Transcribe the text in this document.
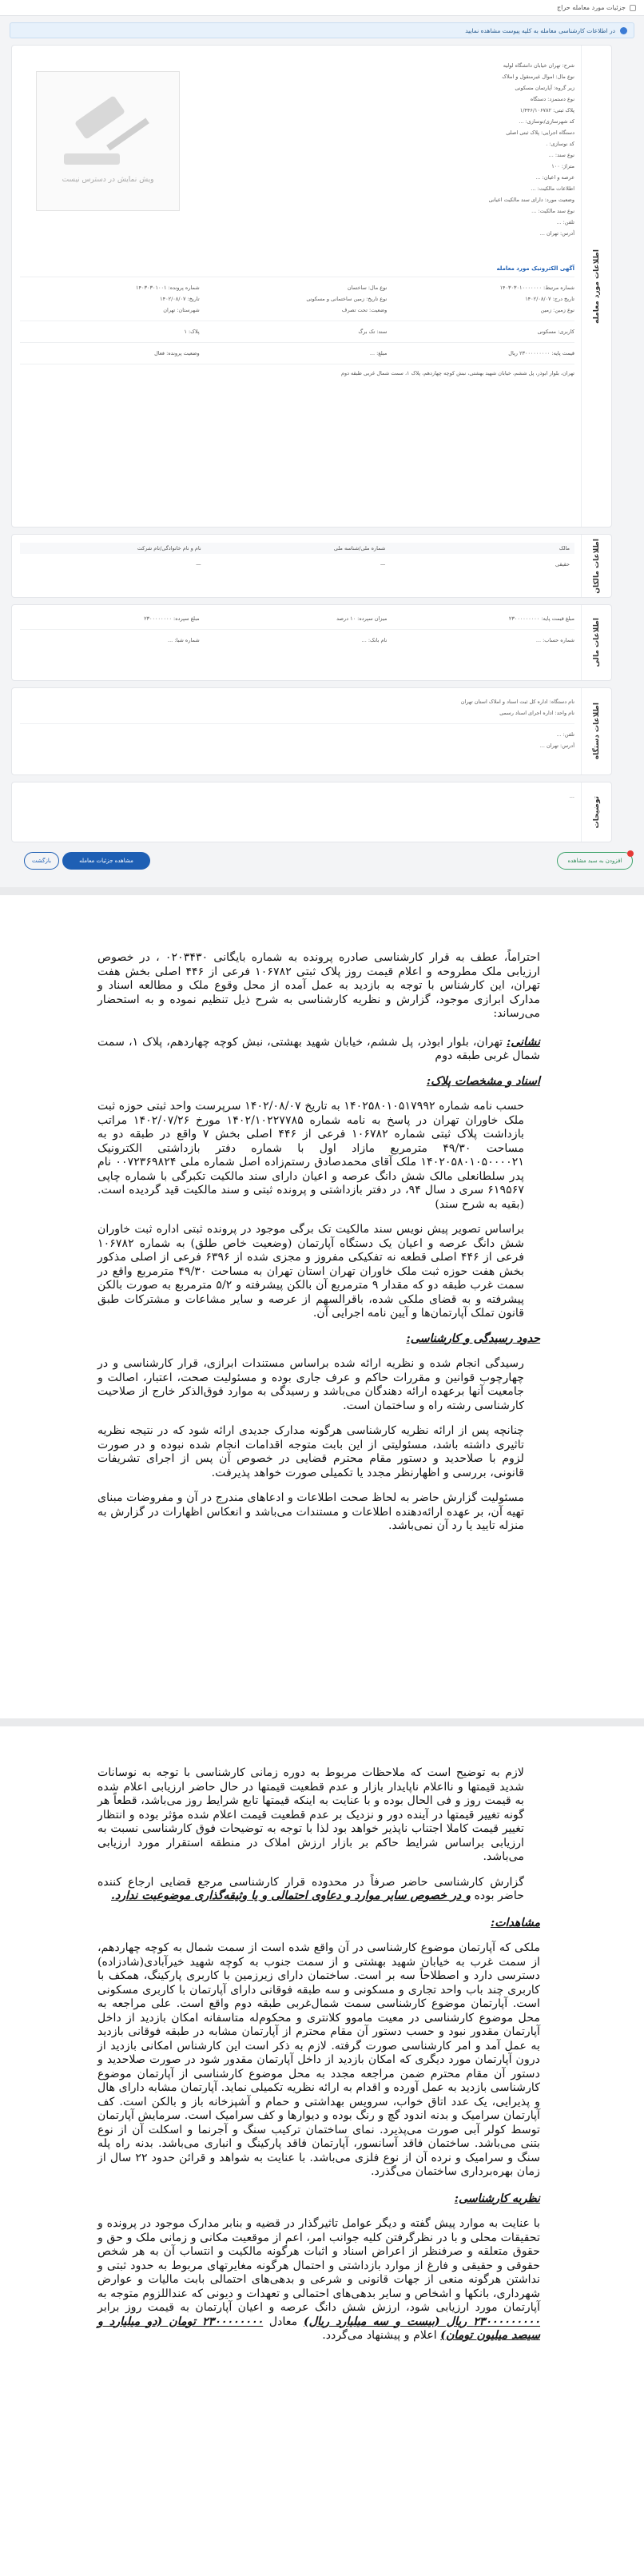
جزئیات مورد معامله حراج
در اطلاعات کارشناسی معامله به کلیه پیوست مشاهده نمایید
اطلاعات مورد معامله
شرح: تهران خیابان دانشگاه لولیه
نوع مال: اموال غیرمنقول و املاک
زیر گروه: آپارتمان مسکونی
نوع دستمزد: دستگاه
پلاک ثبتی: ۱/۴۴۶/۱۰۶۷۸۲
کد شهرسازی/نوسازی: ...
دستگاه اجرایی: پلاک ثبتی اصلی
کد نوسازی: .
نوع سند: ...
متراژ: ۱۰۰
عرصه و اعیان: ...
اطلاعات مالکیت: ...
وضعیت مورد: دارای سند مالکیت اعیانی
نوع سند مالکیت: ...
تلفن: ...
آدرس: تهران ...
ویش نمایش در دسترس نیست
آگهی الکترونیک مورد معامله
شماره مرتبط: ۱۴۰۳۰۳۰۱۰۰۰۰۰۰۰
نوع مال: ساختمان
شماره پرونده: ۱۴۰۳۰۳۰۱۰۰۱
تاریخ درج: ۱۴۰۲/۰۸/۰۷
نوع تاریخ: زمین ساختمانی و مسکونی
تاریخ: ۱۴۰۲/۰۸/۰۷
نوع زمین: زمین
وضعیت: تحت تصرف
شهرستان: تهران
کاربری: مسکونی
سند: تک برگ
پلاک: ۱
قیمت پایه: ۲۳۰۰۰۰۰۰۰۰۰ ریال
مبلغ: ...
وضعیت پرونده: فعال
تهران، بلوار ابوذر، پل ششم، خیابان شهید بهشتی، نبش کوچه چهاردهم، پلاک ۱، سمت شمال غربی طبقه دوم
اطلاعات مالکان
مالک
شماره ملی/شناسه ملی
نام و نام خانوادگی/نام شرکت
حقیقی
—
—
اطلاعات مالی
مبلغ قیمت پایه: ۲۳۰۰۰۰۰۰۰۰۰
میزان سپرده: ۱۰ درصد
مبلغ سپرده: ۲۳۰۰۰۰۰۰۰۰
شماره حساب: ...
نام بانک: ...
شماره شبا: ...
اطلاعات دستگاه
نام دستگاه: اداره کل ثبت اسناد و املاک استان تهران
نام واحد: اداره اجرای اسناد رسمی
تلفن: ...
آدرس: تهران ...
توضیحات
...
افزودن به سبد مشاهده
مشاهده جزئیات معامله
بازگشت

احتراماً، عطف به قرار کارشناسی صادره پرونده به شماره بایگانی ۰۲۰۳۴۳۰ ، در خصوص ارزیابی ملک مطروحه و اعلام قیمت روز پلاک ثبتی ۱۰۶۷۸۲ فرعی از ۴۴۶ اصلی بخش هفت تهران، این کارشناس با توجه به بازدید به عمل آمده از محل وقوع ملک و مطالعه اسناد و مدارک ابرازی موجود، گزارش و نظریه کارشناسی به شرح ذیل تنظیم نموده و به استحضار می‌رساند:

نشانی: تهران، بلوار ابوذر، پل ششم، خیابان شهید بهشتی، نبش کوچه چهاردهم، پلاک ۱، سمت شمال غربی طبقه دوم

اسناد و مشخصات پلاک:

حسب نامه شماره ۱۴۰۲۵۸۰۱۰۵۱۷۹۹۲ به تاریخ ۱۴۰۲/۰۸/۰۷ سرپرست واحد ثبتی حوزه ثبت ملک خاوران تهران در پاسخ به نامه شماره ۱۴۰۲/۱۰۲۲۷۷۸۵ مورخ ۱۴۰۲/۰۷/۲۶ مراتب بازداشت پلاک ثبتی شماره ۱۰۶۷۸۲ فرعی از ۴۴۶ اصلی بخش ۷ واقع در طبقه دو به مساحت ۴۹/۳۰ مترمربع مازاد اول با شماره دفتر بازداشتی الکترونیک ۱۴۰۲۰۵۸۰۱۰۵۰۰۰۰۲۱ ملک آقای محمدصادق رستم‌زاده اصل شماره ملی ۰۰۷۲۳۶۹۸۲۴ نام پدر سلطانعلی مالک شش دانگ عرصه و اعیان دارای سند مالکیت تکبرگی با شماره چاپی ۶۱۹۵۶۷ سری د سال ۹۴، در دفتر بازداشتی و پرونده ثبتی و سند مالکیت قید گردیده است. (بقیه به شرح سند)

براساس تصویر پیش نویس سند مالکیت تک برگی موجود در پرونده ثبتی اداره ثبت خاوران شش دانگ عرصه و اعیان یک دستگاه آپارتمان (وضعیت خاص طلق) به شماره ۱۰۶۷۸۲ فرعی از ۴۴۶ اصلی قطعه نه تفکیکی مفروز و مجزی شده از ۶۳۹۶ فرعی از اصلی مذکور بخش هفت حوزه ثبت ملک خاوران تهران استان تهران به مساحت ۴۹/۳۰ مترمربع واقع در سمت غرب طبقه دو که مقدار ۹ مترمربع آن بالکن پیشرفته و ۵/۲ مترمربع به صورت بالکن پیشرفته و به قضای ملکی شده، باقرالسهم از عرصه و سایر مشاعات و مشترکات طبق قانون تملک آپارتمان‌ها و آیین نامه اجرایی آن.

حدود رسیدگی و کارشناسی:

رسیدگی انجام شده و نظریه ارائه شده براساس مستندات ابرازی، قرار کارشناسی و در چهارچوب قوانین و مقررات حاکم و عرف جاری بوده و مسئولیت صحت، اعتبار، اصالت و جامعیت آنها برعهده ارائه دهندگان می‌باشد و رسیدگی به موارد فوق‌الذکر خارج از صلاحیت کارشناسی رشته راه و ساختمان است.

چنانچه پس از ارائه نظریه کارشناسی هرگونه مدارک جدیدی ارائه شود که در نتیجه نظریه تاثیری داشته باشد، مسئولیتی از این بابت متوجه اقدامات انجام شده نبوده و در صورت لزوم با صلاحدید و دستور مقام محترم قضایی در خصوص آن پس از اجرای تشریفات قانونی، بررسی و اظهار‌نظر مجدد یا تکمیلی صورت خواهد پذیرفت.

مسئولیت گزارش حاضر به لحاظ صحت اطلاعات و ادعاهای مندرج در آن و مفروضات مبنای تهیه آن، بر عهده ارائه‌دهنده اطلاعات و مستندات می‌باشد و انعکاس اظهارات در گزارش به منزله تایید یا رد آن نمی‌باشد.

لازم به توضیح است که ملاحظات مربوط به دوره زمانی کارشناسی با توجه به نوسانات شدید قیمتها و نااعلام ناپایدار بازار و عدم قطعیت قیمتها در حال حاضر ارزیابی اعلام شده به قیمت روز و فی الحال بوده و با عنایت به اینکه قیمتها تابع شرایط روز می‌باشد، قطعاً هر گونه تغییر قیمتها در آینده دور و نزدیک بر عدم قطعیت قیمت اعلام شده مؤثر بوده و انتظار تغییر قیمت کاملا اجتناب ناپذیر خواهد بود لذا با توجه به توضیحات فوق کارشناسی نسبت به ارزیابی براساس شرایط حاکم بر بازار ارزش املاک در منطقه استقرار مورد ارزیابی می‌باشد.

گزارش کارشناسی حاضر صرفاً در محدوده قرار کارشناسی مرجع قضایی ارجاع کننده حاضر بوده و در خصوص سایر موارد و دعاوی احتمالی و یا وثیقه‌گذاری موضوعیت ندارد.

مشاهدات:

ملکی که آپارتمان موضوع کارشناسی در آن واقع شده است از سمت شمال به کوچه چهاردهم، از سمت غرب به خیابان شهید بهشتی و از سمت جنوب به کوچه شهید خیرآبادی(شادزاده) دسترسی دارد و اصطلاحاً سه بر است. ساختمان دارای زیرزمین با کاربری پارکینگ، همکف با کاربری چند باب واحد تجاری و مسکونی و سه طبقه فوقانی دارای آپارتمان با کاربری مسکونی است. آپارتمان موضوع کارشناسی سمت شمال‌غربی طبقه دوم واقع است. علی مراجعه به محل موضوع کارشناسی در معیت ماموو کلانتری و محکوم‌له متاسفانه امکان بازدید از داخل آپارتمان مقدور نبود و حسب دستور آن مقام محترم از آپارتمان مشابه در طبقه فوقانی بازدید به عمل آمد و امر کارشناسی صورت گرفته. لازم به ذکر است این کارشناس امکانی بازدید از درون آپارتمان مورد دیگری که امکان بازدید از داخل آپارتمان مقدور شود در صورت صلاحدید و دستور آن مقام محترم ضمن مراجعه مجدد به محل موضوع کارشناسی از آپارتمان موضوع کارشناسی بازدید به عمل آورده و اقدام به ارائه نظریه تکمیلی نماید. آپارتمان مشابه دارای هال و پذیرایی، یک عدد اتاق خواب، سرویس بهداشتی و حمام و آشپزخانه باز و بالکن است. کف آپارتمان سرامیک و بدنه اندود گچ و رنگ بوده و دیوارها و کف سرامیک است. سرمایش آپارتمان توسط کولر آبی صورت می‌پذیرد. نمای ساختمان ترکیب سنگ و آجرنما و اسکلت آن از نوع بتنی می‌باشد. ساختمان فاقد آسانسور، آپارتمان فاقد پارکینگ و انباری می‌باشد. بدنه راه پله سنگ و سرامیک و نرده آن از نوع فلزی می‌باشد. با عنایت به شواهد و قرائن حدود ۲۲ سال از زمان بهره‌برداری ساختمان می‌گذرد.

نظریه کارشناسی:

با عنایت به موارد پیش گفته و دیگر عوامل تاثیرگذار در قضیه و بنابر مدارک موجود در پرونده و تحقیقات محلی و با در نظرگرفتن کلیه جوانب امر، اعم از موقعیت مکانی و زمانی ملک و حق و حقوق متعلقه و صرفنظر از اعراض اسناد و اثبات هرگونه مالکیت و انتساب آن به هر شخص حقوقی و حقیقی و فارغ از موارد بازداشتی و احتمال هرگونه مغایرتهای مربوط به حدود ثبتی و نداشتن هرگونه منعی از جهات قانونی و شرعی و بدهی‌های احتمالی بابت مالیات و عوارض شهرداری، بانکها و اشخاص و سایر بدهی‌های احتمالی و تعهدات و دیونی که عنداللزوم متوجه به آپارتمان مورد ارزیابی شود، ارزش شش دانگ عرصه و اعیان آپارتمان به قیمت روز برابر ۲۳۰۰۰۰۰۰۰۰۰ ریال (بیست و سه میلیارد ریال) معادل ۲۳۰۰۰۰۰۰۰۰ تومان (دو میلیارد و سیصد میلیون تومان) اعلام و پیشنهاد می‌گردد.
